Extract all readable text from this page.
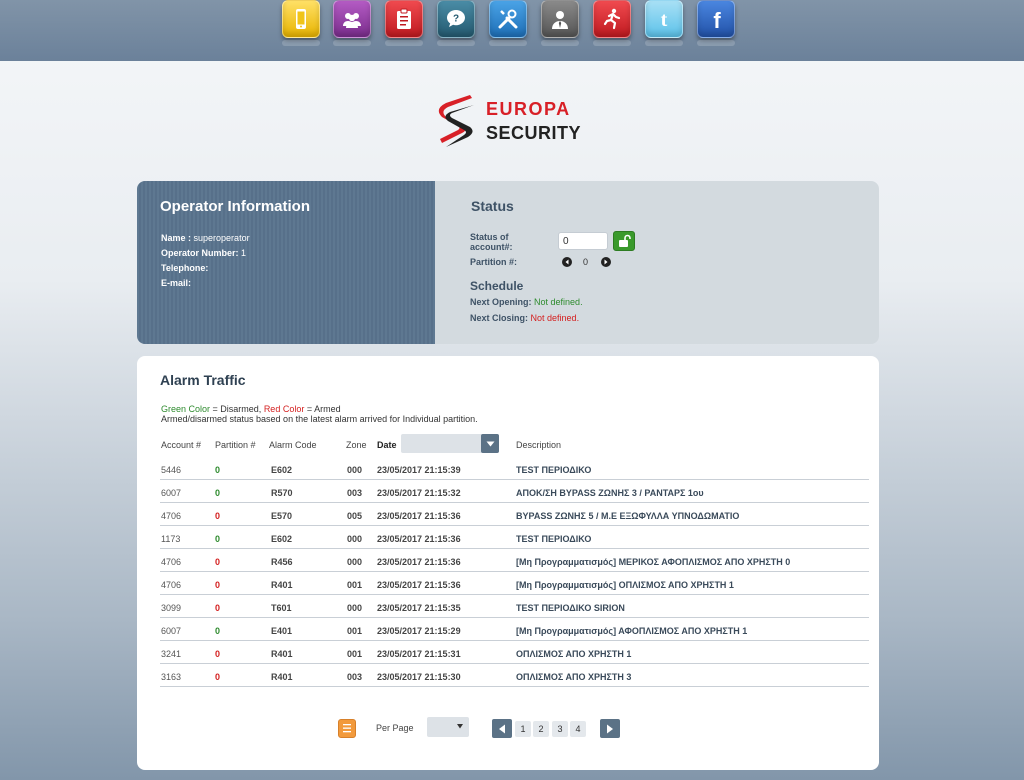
?	t f
EUROPA
SECURITY
Operator Information
Name : superoperator
Operator Number: 1
Telephone:
E-mail:
Status
Status of
account#:
0
Partition #:	0
Schedule
Next Opening: Not defined.
Next Closing: Not defined.
Alarm Traffic
Green Color = Disarmed, Red Color = Armed
Armed/disarmed status based on the latest alarm arrived for Individual partition.
Account # Partition # Alarm Code	Zone Date	Description
5446	0	E602	000 23/05/2017 21:15:39	TEST ΠΕΡΙΟΔΙΚΟ
6007	0	R570	003 23/05/2017 21:15:32	ΑΠΟΚ/ΣΗ ΒΥΡΑSS ΖΩΝΗΣ 3 / ΡΑΝΤΑΡΣ 1ου
4706	0	E570	005 23/05/2017 21:15:36	ΒΥΡΑSS ΖΩΝΗΣ 5 / Μ.Ε ΕΞΩΦΥΛΛΑ ΥΠΝΟΔΩΜΑΤΙΟ
1173	0	E602	000 23/05/2017 21:15:36	TEST ΠΕΡΙΟΔΙΚΟ
4706	0	R456	000 23/05/2017 21:15:36	[Μη Προγραμματισμός] ΜΕΡΙΚΟΣ ΑΦΟΠΛΙΣΜΟΣ ΑΠΟ ΧΡΗΣΤΗ 0
4706	0	R401	001 23/05/2017 21:15:36	[Μη Προγραμματισμός] ΟΠΛΙΣΜΟΣ ΑΠΟ ΧΡΗΣΤΗ 1
3099	0	T601	000 23/05/2017 21:15:35	TEST ΠΕΡΙΟΔΙΚΟ SIRION
6007	0	E401	001 23/05/2017 21:15:29	[Μη Προγραμματισμός] ΑΦΟΠΛΙΣΜΟΣ ΑΠΟ ΧΡΗΣΤΗ 1
3241	0	R401	001 23/05/2017 21:15:31	ΟΠΛΙΣΜΟΣ ΑΠΟ ΧΡΗΣΤΗ 1
3163	0	R401	003 23/05/2017 21:15:30	ΟΠΛΙΣΜΟΣ ΑΠΟ ΧΡΗΣΤΗ 3
Per Page	1	2	3	4
